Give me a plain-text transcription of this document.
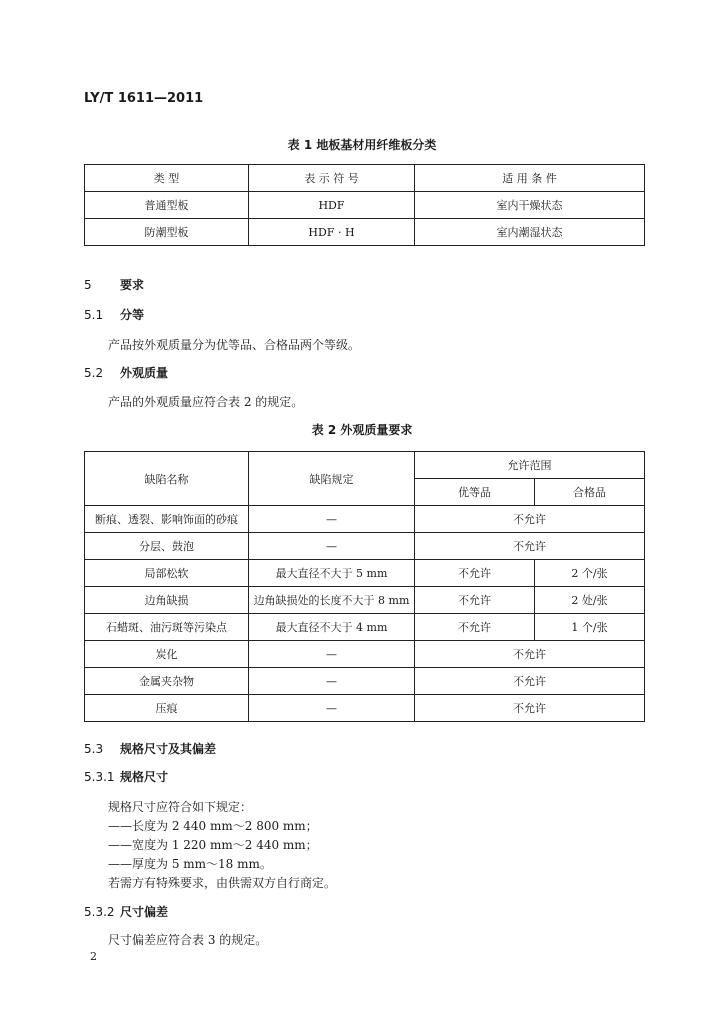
LY/T 1611—2011
表 1 地板基材用纤维板分类
类 型	表 示 符 号	适 用 条 件
普通型板	HDF	室内干燥状态
防潮型板	HDF · H	室内潮湿状态
5 要求
5.1 分等
产品按外观质量分为优等品、合格品两个等级。
5.2 外观质量
产品的外观质量应符合表 2 的规定。
表 2 外观质量要求
缺陷名称	缺陷规定	允许范围	
		优等品	合格品
断痕、透裂、影响饰面的砂痕	—	不允许	
分层、鼓泡	—	不允许	
局部松软	最大直径不大于 5 mm	不允许	2 个/张
边角缺损	边角缺损处的长度不大于 8 mm	不允许	2 处/张
石蜡斑、油污斑等污染点	最大直径不大于 4 mm	不允许	1 个/张
炭化	—	不允许	
金属夹杂物	—	不允许	
压痕	—	不允许	
5.3 规格尺寸及其偏差
5.3.1 规格尺寸
规格尺寸应符合如下规定：
——长度为 2 440 mm～2 800 mm；
——宽度为 1 220 mm～2 440 mm；
——厚度为 5 mm～18 mm。
若需方有特殊要求，由供需双方自行商定。
5.3.2 尺寸偏差
尺寸偏差应符合表 3 的规定。
2
